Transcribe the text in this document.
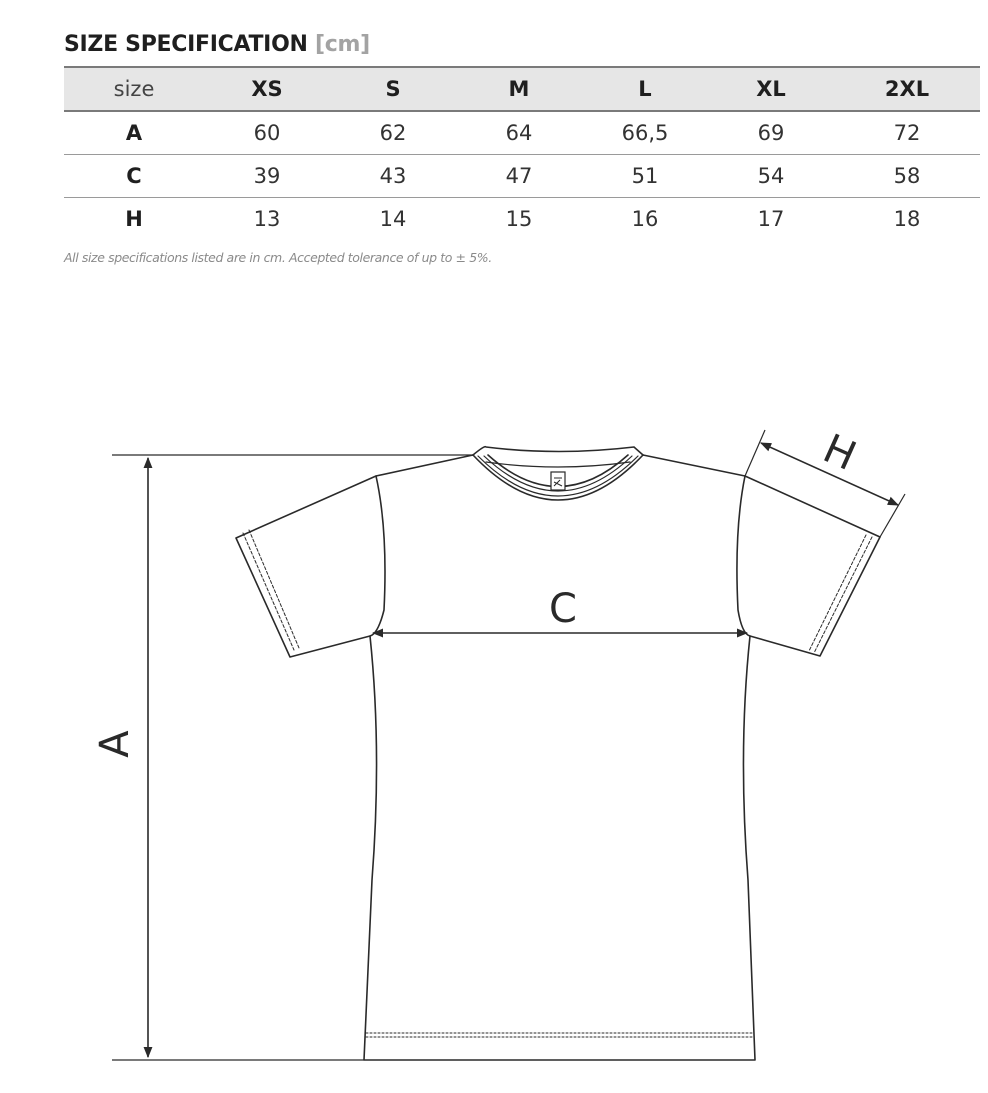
SIZE SPECIFICATION [cm]
size	XS	S	M	L	XL	2XL
A	60	62	64	66,5	69	72
C	39	43	47	51	54	58
H	13	14	15	16	17	18
All size specifications listed are in cm. Accepted tolerance of up to ± 5%.
A
C
H
